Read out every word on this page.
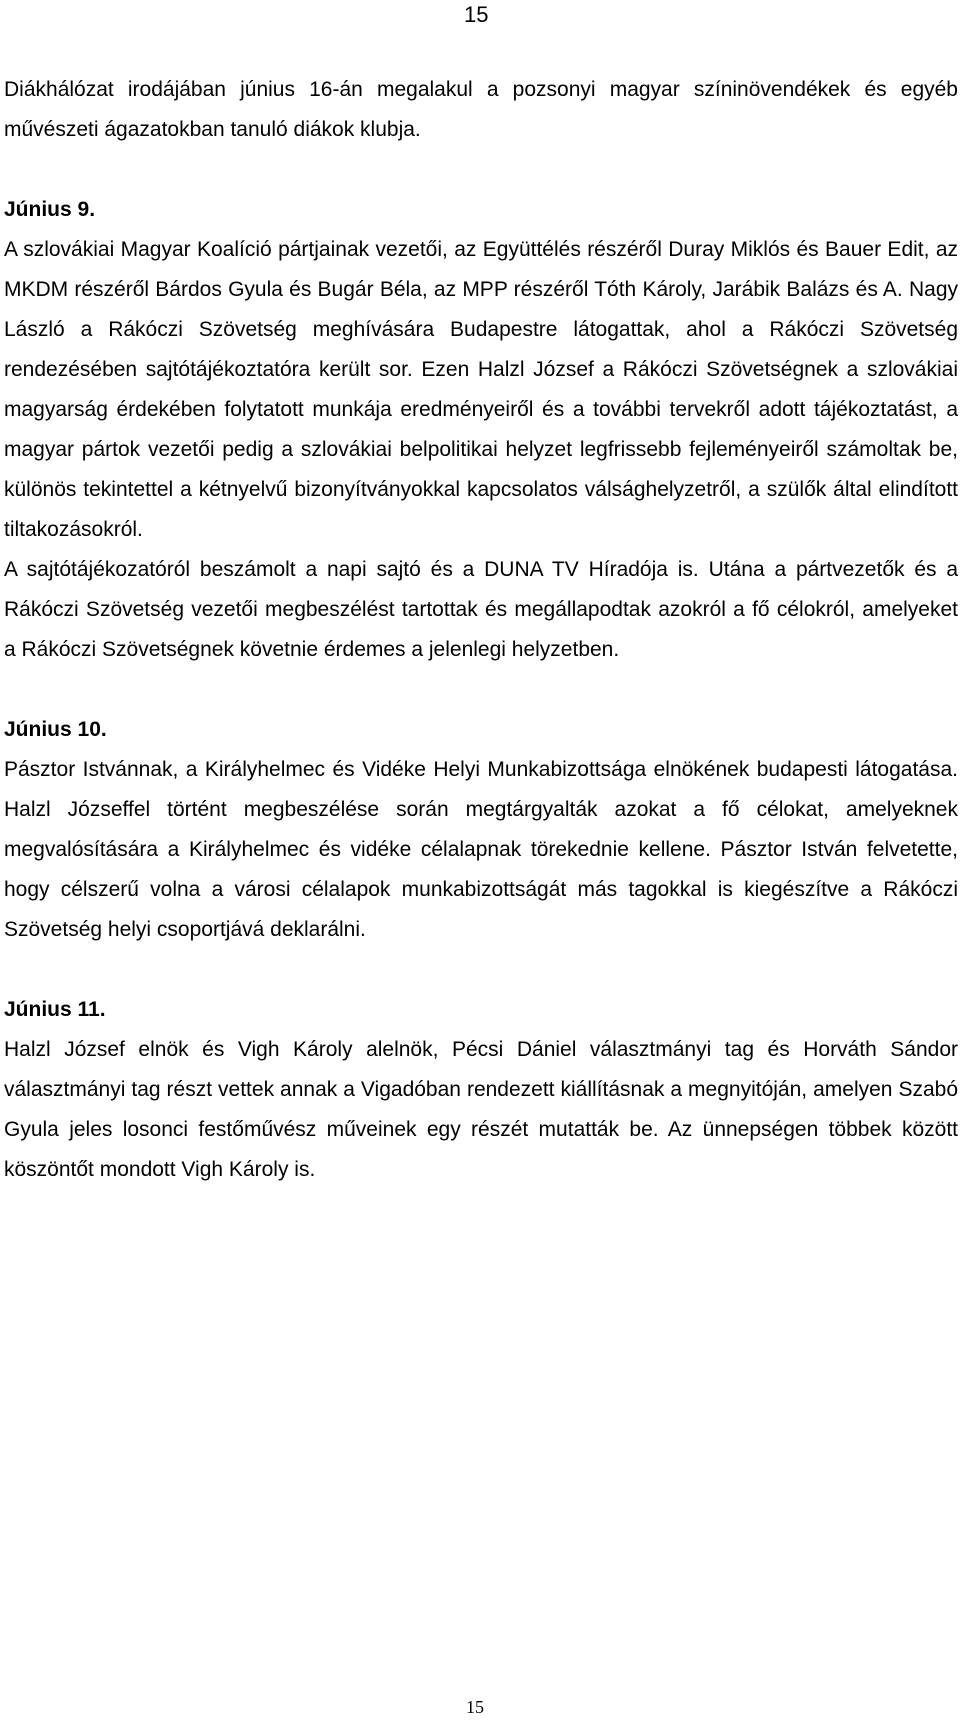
15

Diákhálózat irodájában június 16-án megalakul a pozsonyi magyar színinövendékek és egyéb művészeti ágazatokban tanuló diákok klubja.

Június 9.

A szlovákiai Magyar Koalíció pártjainak vezetői, az Együttélés részéről Duray Miklós és Bauer Edit, az MKDM részéről Bárdos Gyula és Bugár Béla, az MPP részéről Tóth Károly, Jarábik Balázs és A. Nagy László a Rákóczi Szövetség meghívására Budapestre látogattak, ahol a Rákóczi Szövetség rendezésében sajtótájékoztatóra került sor. Ezen Halzl József a Rákóczi Szövetségnek a szlovákiai magyarság érdekében folytatott munkája eredményeiről és a további tervekről adott tájékoztatást, a magyar pártok vezetői pedig a szlovákiai belpolitikai helyzet legfrissebb fejleményeiről számoltak be, különös tekintettel a kétnyelvű bizonyítványokkal kapcsolatos válsághelyzetről, a szülők által elindított tiltakozásokról.

A sajtótájékozatóról beszámolt a napi sajtó és a DUNA TV Híradója is. Utána a pártvezetők és a Rákóczi Szövetség vezetői megbeszélést tartottak és megállapodtak azokról a fő célokról, amelyeket a Rákóczi Szövetségnek követnie érdemes a jelenlegi helyzetben.

Június 10.

Pásztor Istvánnak, a Királyhelmec és Vidéke Helyi Munkabizottsága elnökének budapesti látogatása. Halzl Józseffel történt megbeszélése során megtárgyalták azokat a fő célokat, amelyeknek megvalósítására a Királyhelmec és vidéke célalapnak törekednie kellene. Pásztor István felvetette, hogy célszerű volna a városi célalapok munkabizottságát más tagokkal is kiegészítve a Rákóczi Szövetség helyi csoportjává deklarálni.

Június 11.

Halzl József elnök és Vigh Károly alelnök, Pécsi Dániel választmányi tag és Horváth Sándor választmányi tag részt vettek annak a Vigadóban rendezett kiállításnak a megnyitóján, amelyen Szabó Gyula jeles losonci festőművész műveinek egy részét mutatták be. Az ünnepségen többek között köszöntőt mondott Vigh Károly is.

15
